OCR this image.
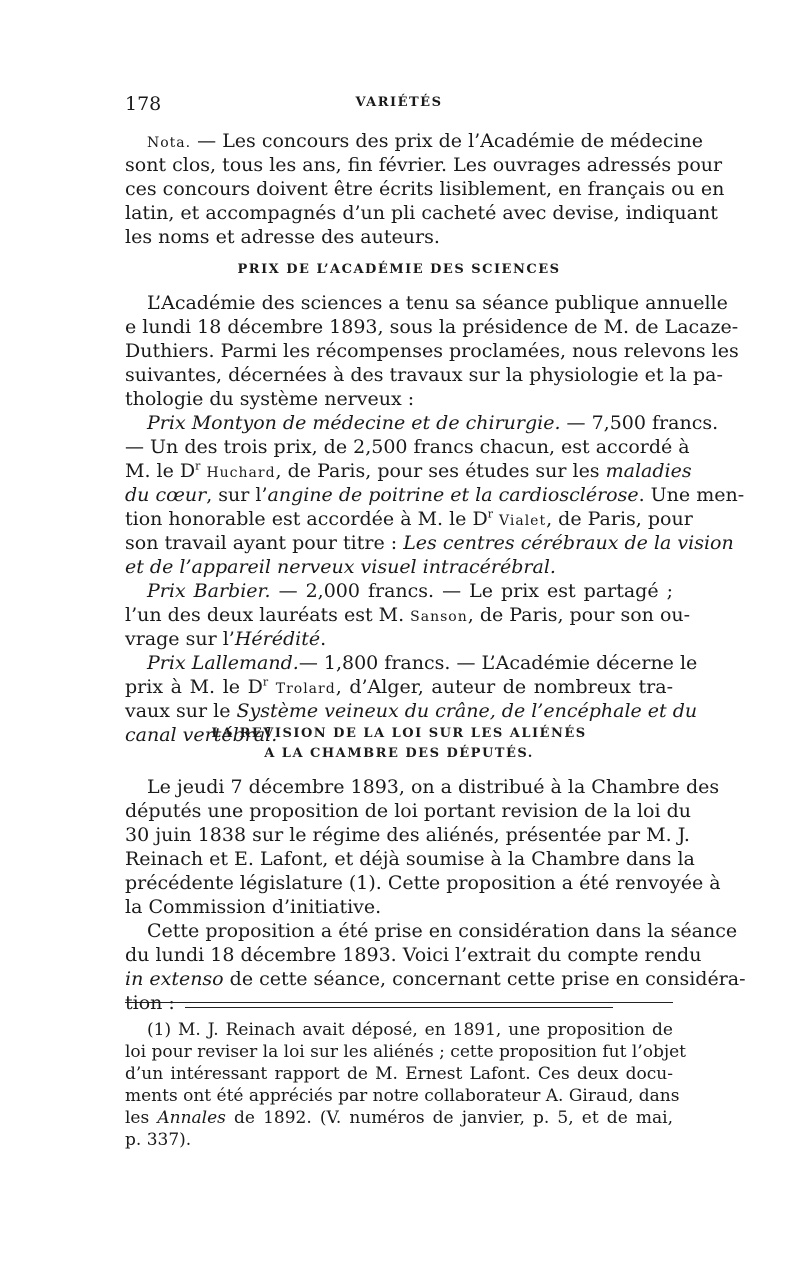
178	VARIÉTÉS
Nota. — Les concours des prix de l’Académie de médecine
sont clos, tous les ans, fin février. Les ouvrages adressés pour
ces concours doivent être écrits lisiblement, en français ou en
latin, et accompagnés d’un pli cacheté avec devise, indiquant
les noms et adresse des auteurs.
PRIX DE L’ACADÉMIE DES SCIENCES
L’Académie des sciences a tenu sa séance publique annuelle
e lundi 18 décembre 1893, sous la présidence de M. de Lacaze-
Duthiers. Parmi les récompenses proclamées, nous relevons les
suivantes, décernées à des travaux sur la physiologie et la pa-
thologie du système nerveux :
Prix Montyon de médecine et de chirurgie. — 7,500 francs.
— Un des trois prix, de 2,500 francs chacun, est accordé à
M. le $D^r$ Huchard, de Paris, pour ses études sur les maladies
du cœur, sur l’angine de poitrine et la cardiosclérose. Une men-
tion honorable est accordée à M. le $D^r$ Vialet, de Paris, pour
son travail ayant pour titre : Les centres cérébraux de la vision
et de l’appareil nerveux visuel intracérébral.
Prix Barbier. — 2,000 francs. — Le prix est partagé ;
l’un des deux lauréats est M. Sanson, de Paris, pour son ou-
vrage sur l’Hérédité.
Prix Lallemand.— 1,800 francs. — L’Académie décerne le
prix à M. le $D^r$ Trolard, d’Alger, auteur de nombreux tra-
vaux sur le Système veineux du crâne, de l’encéphale et du
canal vertébral.
LA REVISION DE LA LOI SUR LES ALIÉNÉS
A LA CHAMBRE DES DÉPUTÉS.
Le jeudi 7 décembre 1893, on a distribué à la Chambre des
députés une proposition de loi portant revision de la loi du
30 juin 1838 sur le régime des aliénés, présentée par M. J.
Reinach et E. Lafont, et déjà soumise à la Chambre dans la
précédente législature (1). Cette proposition a été renvoyée à
la Commission d’initiative.
Cette proposition a été prise en considération dans la séance
du lundi 18 décembre 1893. Voici l’extrait du compte rendu
in extenso de cette séance, concernant cette prise en considéra-
tion :
(1) M. J. Reinach avait déposé, en 1891, une proposition de
loi pour reviser la loi sur les aliénés ; cette proposition fut l’objet
d’un intéressant rapport de M. Ernest Lafont. Ces deux docu-
ments ont été appréciés par notre collaborateur A. Giraud, dans
les Annales de 1892. (V. numéros de janvier, p. 5, et de mai,
p. 337).
